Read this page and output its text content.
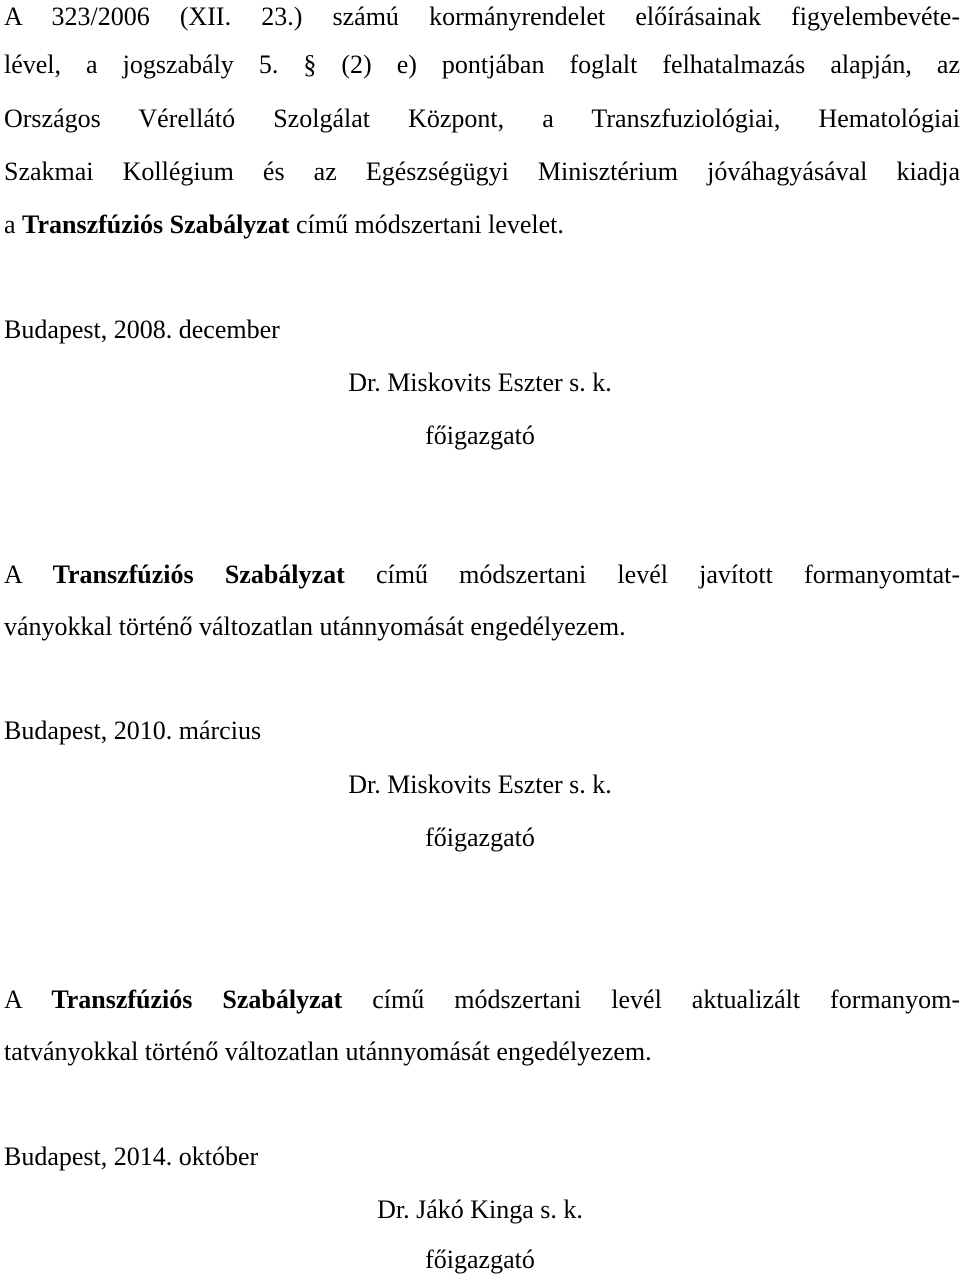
A 323/2006 (XII. 23.) számú kormányrendelet előírásainak figyelembevéte-
lével, a jogszabály 5. § (2) e) pontjában foglalt felhatalmazás alapján, az
Országos Vérellátó Szolgálat Központ, a Transzfuziológiai, Hematológiai
Szakmai Kollégium és az Egészségügyi Minisztérium jóváhagyásával kiadja
a Transzfúziós Szabályzat című módszertani levelet.
Budapest, 2008. december
Dr. Miskovits Eszter s. k.
főigazgató
A Transzfúziós Szabályzat című módszertani levél javított formanyomtat-
ványokkal történő változatlan utánnyomását engedélyezem.
Budapest, 2010. március
Dr. Miskovits Eszter s. k.
főigazgató
A Transzfúziós Szabályzat című módszertani levél aktualizált formanyom-
tatványokkal történő változatlan utánnyomását engedélyezem.
Budapest, 2014. október
Dr. Jákó Kinga s. k.
főigazgató
